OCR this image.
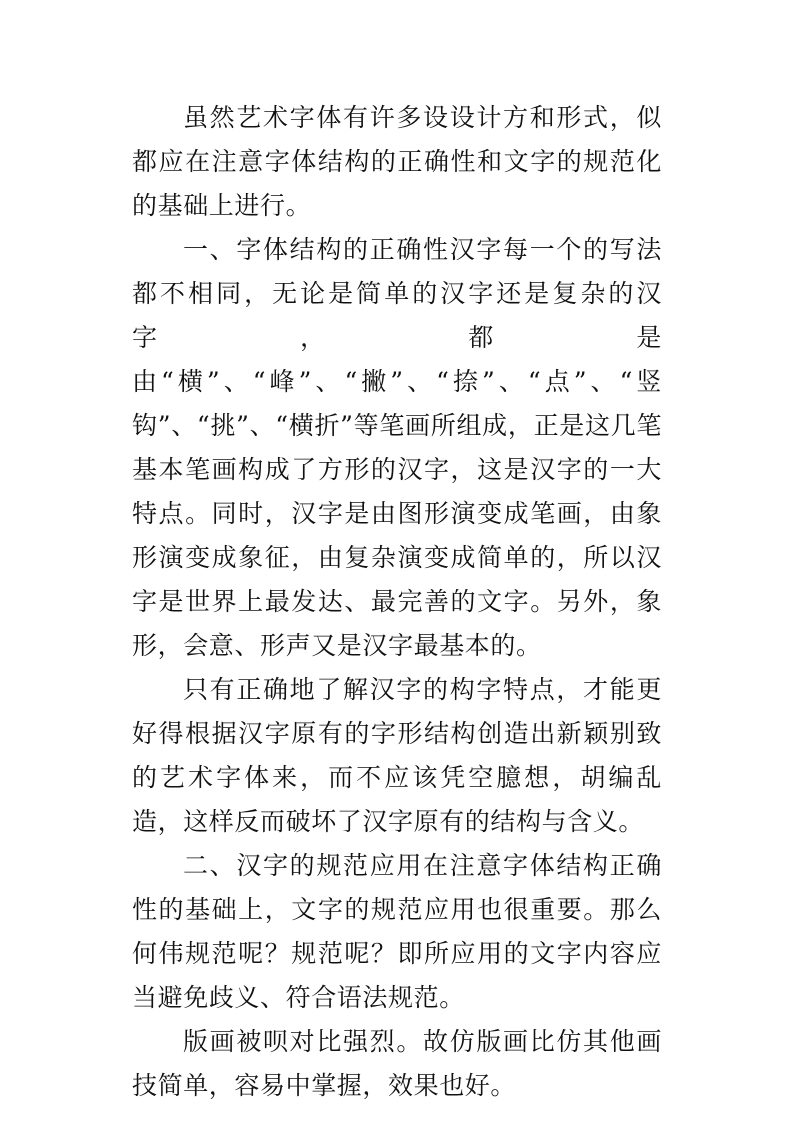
虽然艺术字体有许多设设计方和形式，似都应在注意字体结构的正确性和文字的规范化的基础上进行。

一、字体结构的正确性汉字每一个的写法都不相同，无论是简单的汉字还是复杂的汉字，都是由“横”、“峰”、“撇”、“捺”、“点”、“竖钩”、“挑”、“横折”等笔画所组成，正是这几笔基本笔画构成了方形的汉字，这是汉字的一大特点。同时，汉字是由图形演变成笔画，由象形演变成象征，由复杂演变成简单的，所以汉字是世界上最发达、最完善的文字。另外，象形，会意、形声又是汉字最基本的。

只有正确地了解汉字的构字特点，才能更好得根据汉字原有的字形结构创造出新颖别致的艺术字体来，而不应该凭空臆想，胡编乱造，这样反而破坏了汉字原有的结构与含义。

二、汉字的规范应用在注意字体结构正确性的基础上，文字的规范应用也很重要。那么何伟规范呢？规范呢？即所应用的文字内容应当避免歧义、符合语法规范。

版画被呗对比强烈。故仿版画比仿其他画技简单，容易中掌握，效果也好。
